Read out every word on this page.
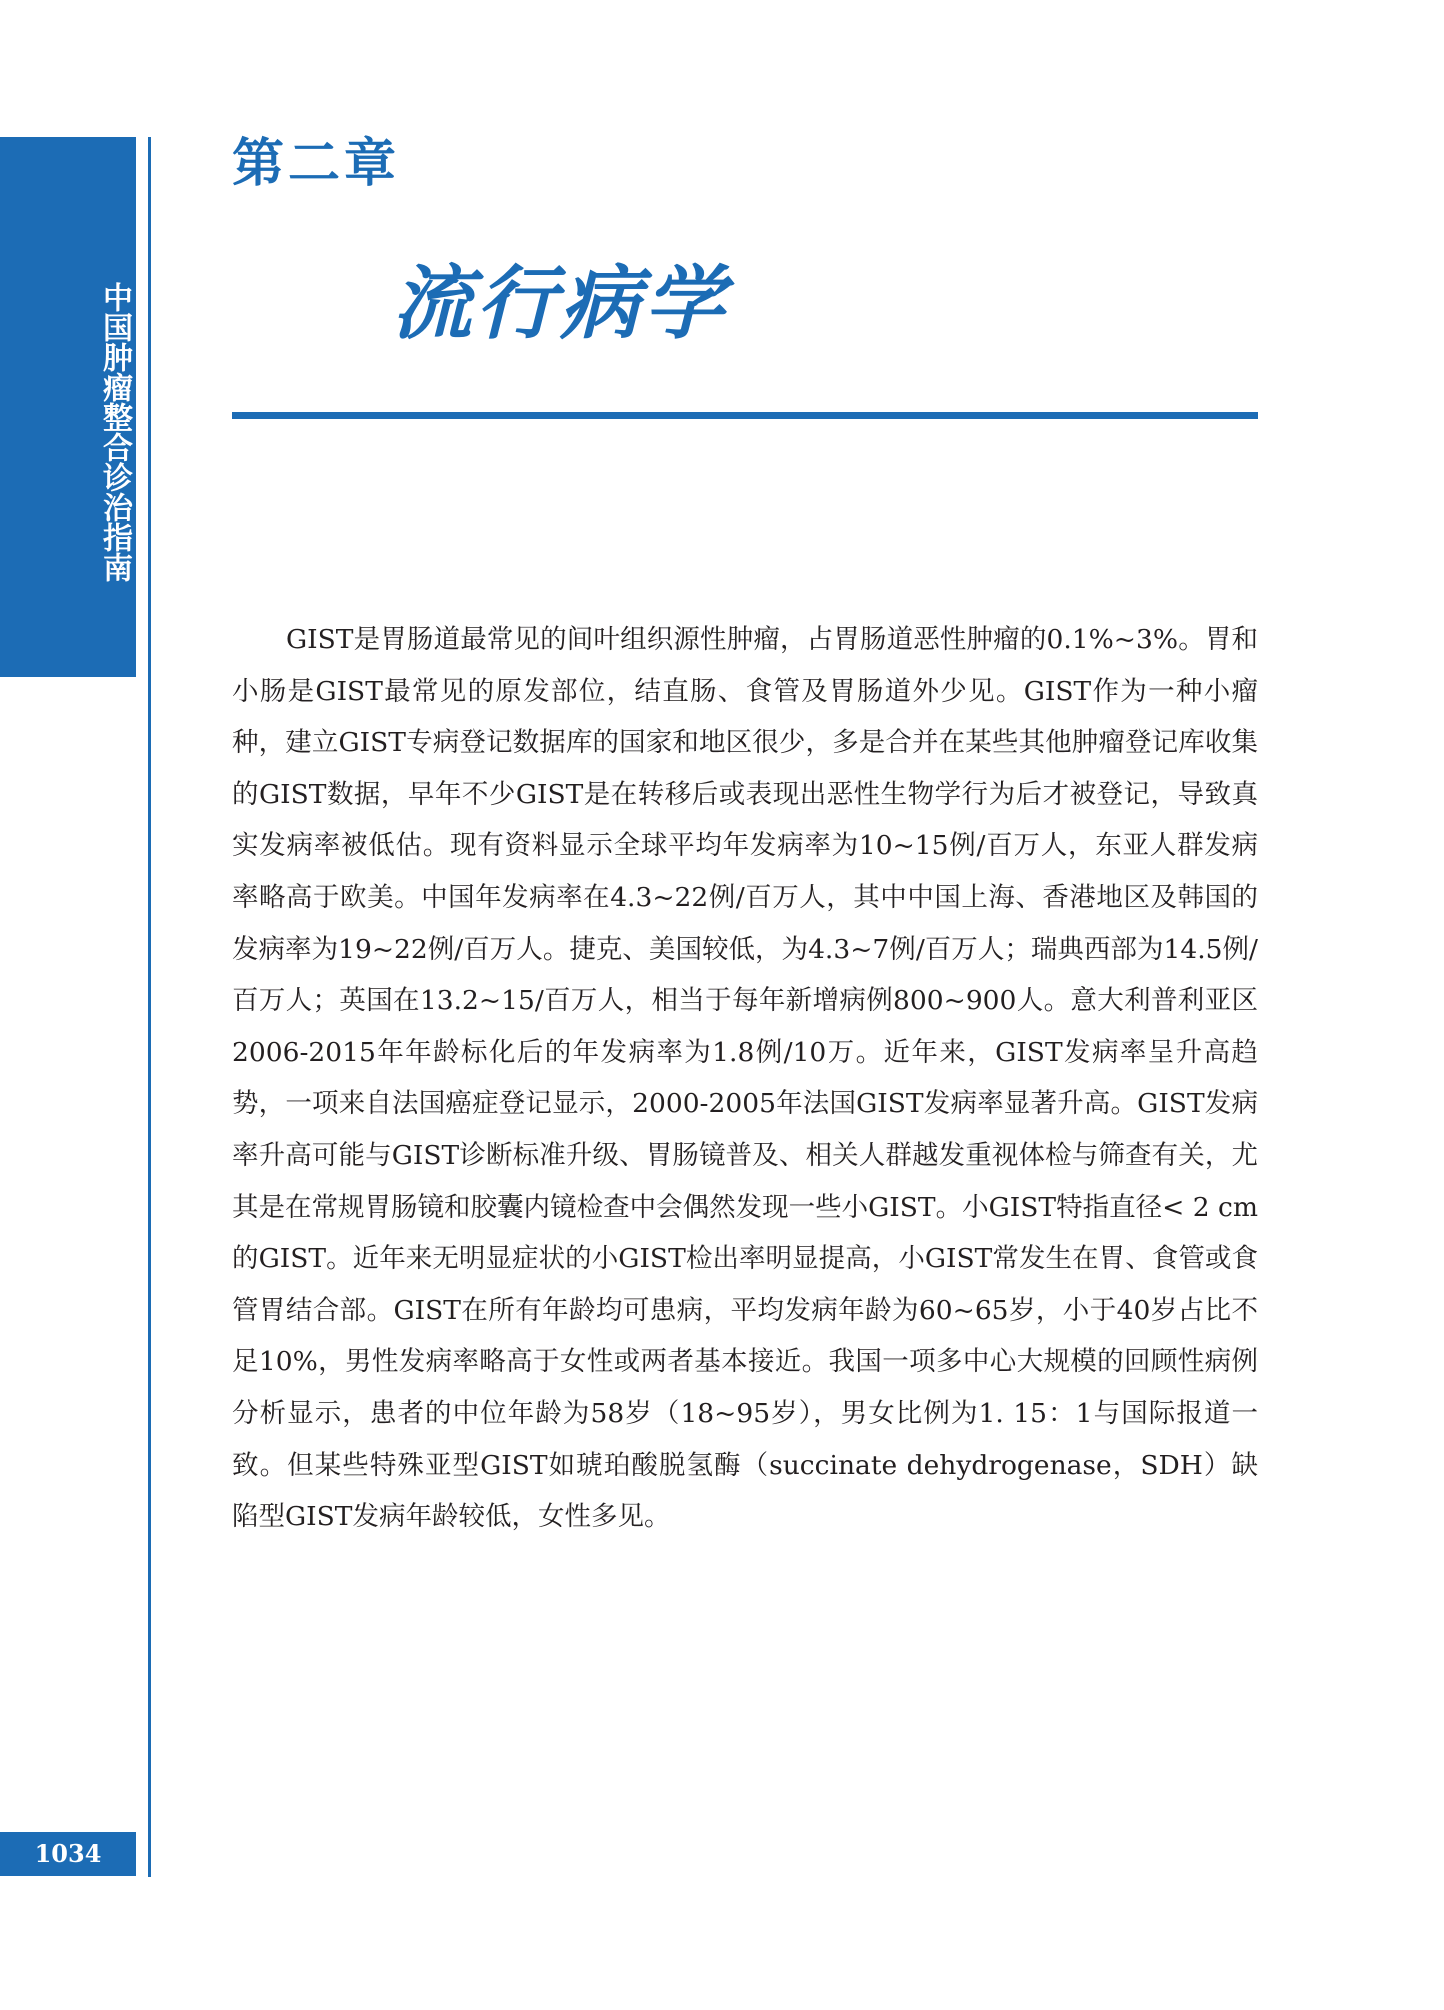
中国肿瘤整合诊治指南
1034
第二章
流行病学

GIST是胃肠道最常见的间叶组织源性肿瘤，占胃肠道恶性肿瘤的0.1%~3%。胃和小肠是GIST最常见的原发部位，结直肠、食管及胃肠道外少见。GIST作为一种小瘤种，建立GIST专病登记数据库的国家和地区很少，多是合并在某些其他肿瘤登记库收集的GIST数据，早年不少GIST是在转移后或表现出恶性生物学行为后才被登记，导致真实发病率被低估。现有资料显示全球平均年发病率为10~15例/百万人，东亚人群发病率略高于欧美。中国年发病率在4.3~22例/百万人，其中中国上海、香港地区及韩国的发病率为19~22例/百万人。捷克、美国较低，为4.3~7例/百万人；瑞典西部为14.5例/百万人；英国在13.2~15/百万人，相当于每年新增病例800~900人。意大利普利亚区2006-2015年年龄标化后的年发病率为1.8例/10万。近年来，GIST发病率呈升高趋势，一项来自法国癌症登记显示，2000-2005年法国GIST发病率显著升高。GIST发病率升高可能与GIST诊断标准升级、胃肠镜普及、相关人群越发重视体检与筛查有关，尤其是在常规胃肠镜和胶囊内镜检查中会偶然发现一些小GIST。小GIST特指直径< 2 cm的GIST。近年来无明显症状的小GIST检出率明显提高，小GIST常发生在胃、食管或食管胃结合部。GIST在所有年龄均可患病，平均发病年龄为60~65岁，小于40岁占比不足10%，男性发病率略高于女性或两者基本接近。我国一项多中心大规模的回顾性病例分析显示，患者的中位年龄为58岁（18~95岁），男女比例为1. 15：1与国际报道一致。但某些特殊亚型GIST如琥珀酸脱氢酶（succinate dehydrogenase，SDH）缺陷型GIST发病年龄较低，女性多见。
